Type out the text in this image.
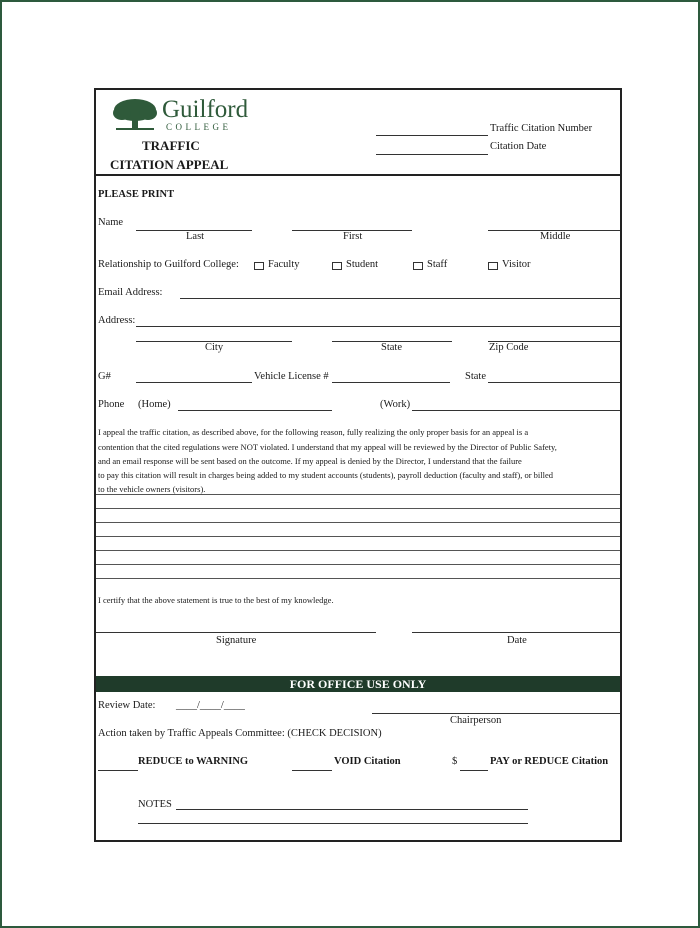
Guilford
COLLEGE
TRAFFIC
CITATION APPEAL
Traffic Citation Number
Citation Date
PLEASE PRINT
Name
Last	First	Middle
Relationship to Guilford College:	Faculty	Student	Staff	Visitor
Email Address:
Address:
City	State	Zip Code
G#	Vehicle License #	State
Phone (Home)	(Work)
I appeal the traffic citation, as described above, for the following reason, fully realizing the only proper basis for an appeal is a
contention that the cited regulations were NOT violated. I understand that my appeal will be reviewed by the Director of Public Safety,
and an email response will be sent based on the outcome. If my appeal is denied by the Director, I understand that the failure
to pay this citation will result in charges being added to my student accounts (students), payroll deduction (faculty and staff), or billed
to the vehicle owners (visitors).
I certify that the above statement is true to the best of my knowledge.
Signature	Date
FOR OFFICE USE ONLY
Review Date: ____/____/____
Chairperson
Action taken by Traffic Appeals Committee: (CHECK DECISION)
REDUCE to WARNING	VOID Citation	$	PAY or REDUCE Citation
NOTES
